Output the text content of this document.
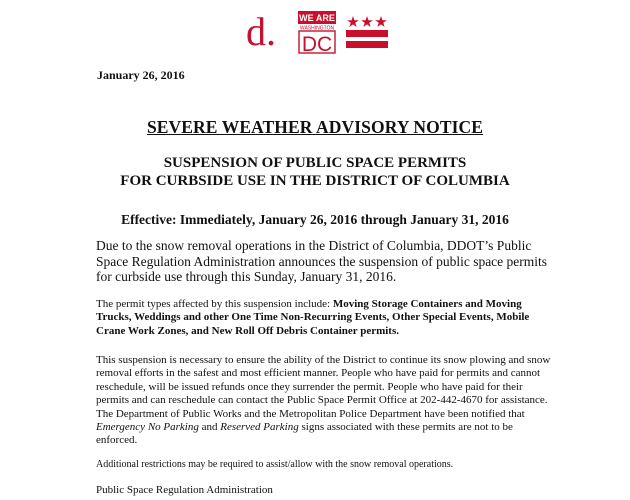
d.	WE ARE
WASHINGTON
DC
January 26, 2016
SEVERE WEATHER ADVISORY NOTICE
SUSPENSION OF PUBLIC SPACE PERMITS
FOR CURBSIDE USE IN THE DISTRICT OF COLUMBIA
Effective: Immediately, January 26, 2016 through January 31, 2016
Due to the snow removal operations in the District of Columbia, DDOT’s Public Space Regulation Administration announces the suspension of public space permits for curbside use through this Sunday, January 31, 2016.
The permit types affected by this suspension include: Moving Storage Containers and Moving Trucks, Weddings and other One Time Non-Recurring Events, Other Special Events, Mobile Crane Work Zones, and New Roll Off Debris Container permits.
This suspension is necessary to ensure the ability of the District to continue its snow plowing and snow removal efforts in the safest and most efficient manner. People who have paid for permits and cannot reschedule, will be issued refunds once they surrender the permit. People who have paid for their permits and can reschedule can contact the Public Space Permit Office at 202-442-4670 for assistance. The Department of Public Works and the Metropolitan Police Department have been notified that Emergency No Parking and Reserved Parking signs associated with these permits are not to be enforced.
Additional restrictions may be required to assist/allow with the snow removal operations.
Public Space Regulation Administration
